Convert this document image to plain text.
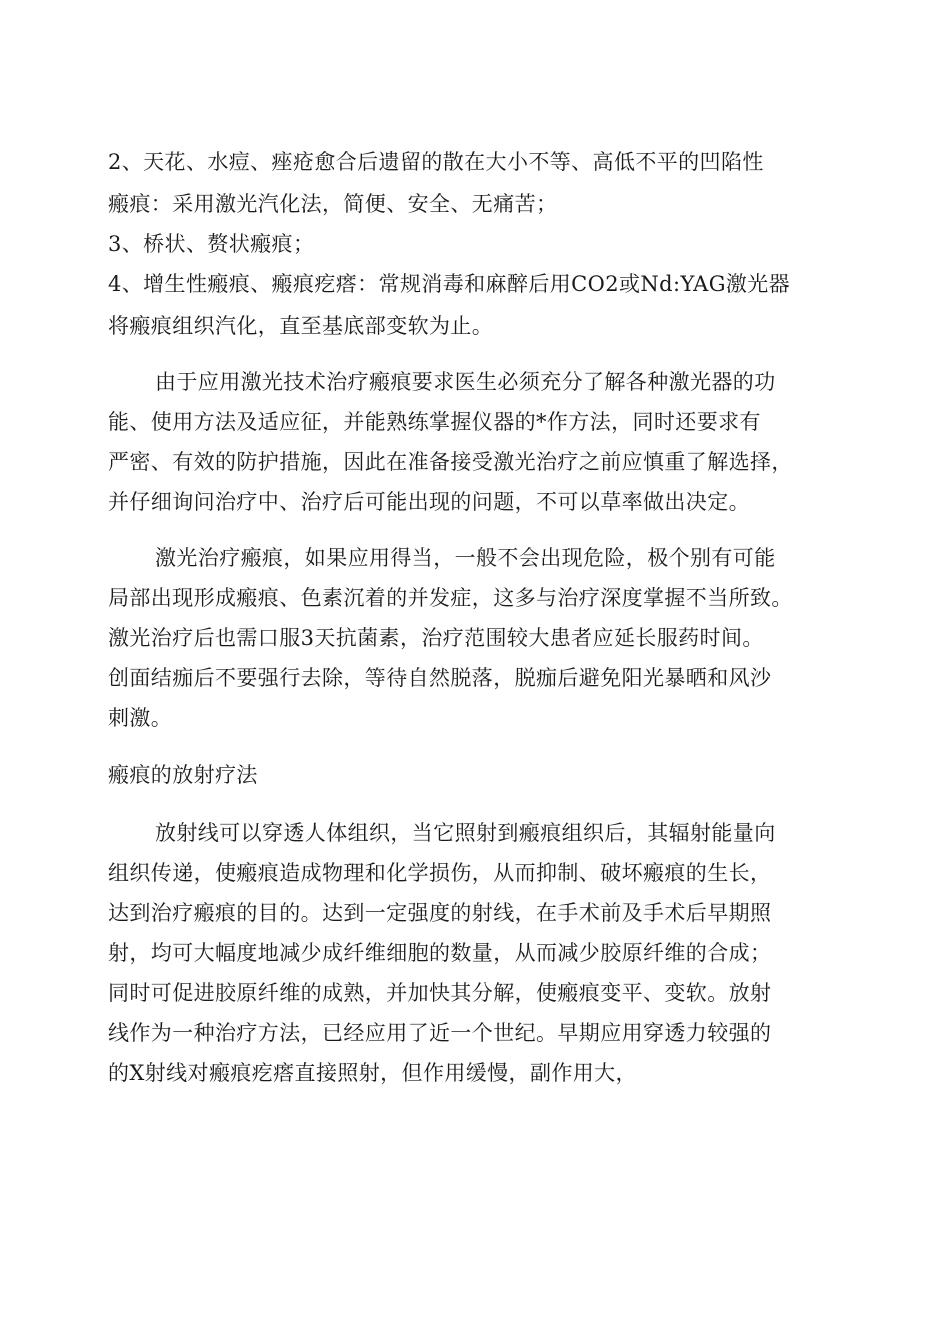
2、天花、水痘、痤疮愈合后遗留的散在大小不等、高低不平的凹陷性
瘢痕：采用激光汽化法，简便、安全、无痛苦；
3、桥状、赘状瘢痕；
4、增生性瘢痕、瘢痕疙瘩：常规消毒和麻醉后用CO2或Nd:YAG激光器
将瘢痕组织汽化，直至基底部变软为止。
由于应用激光技术治疗瘢痕要求医生必须充分了解各种激光器的功
能、使用方法及适应征，并能熟练掌握仪器的*作方法，同时还要求有
严密、有效的防护措施，因此在准备接受激光治疗之前应慎重了解选择，
并仔细询问治疗中、治疗后可能出现的问题，不可以草率做出决定。
激光治疗瘢痕，如果应用得当，一般不会出现危险，极个别有可能
局部出现形成瘢痕、色素沉着的并发症，这多与治疗深度掌握不当所致。
激光治疗后也需口服3天抗菌素，治疗范围较大患者应延长服药时间。
创面结痂后不要强行去除，等待自然脱落，脱痂后避免阳光暴晒和风沙
刺激。
瘢痕的放射疗法
放射线可以穿透人体组织，当它照射到瘢痕组织后，其辐射能量向
组织传递，使瘢痕造成物理和化学损伤，从而抑制、破坏瘢痕的生长，
达到治疗瘢痕的目的。达到一定强度的射线，在手术前及手术后早期照
射，均可大幅度地减少成纤维细胞的数量，从而减少胶原纤维的合成；
同时可促进胶原纤维的成熟，并加快其分解，使瘢痕变平、变软。放射
线作为一种治疗方法，已经应用了近一个世纪。早期应用穿透力较强的
的X射线对瘢痕疙瘩直接照射，但作用缓慢，副作用大，
